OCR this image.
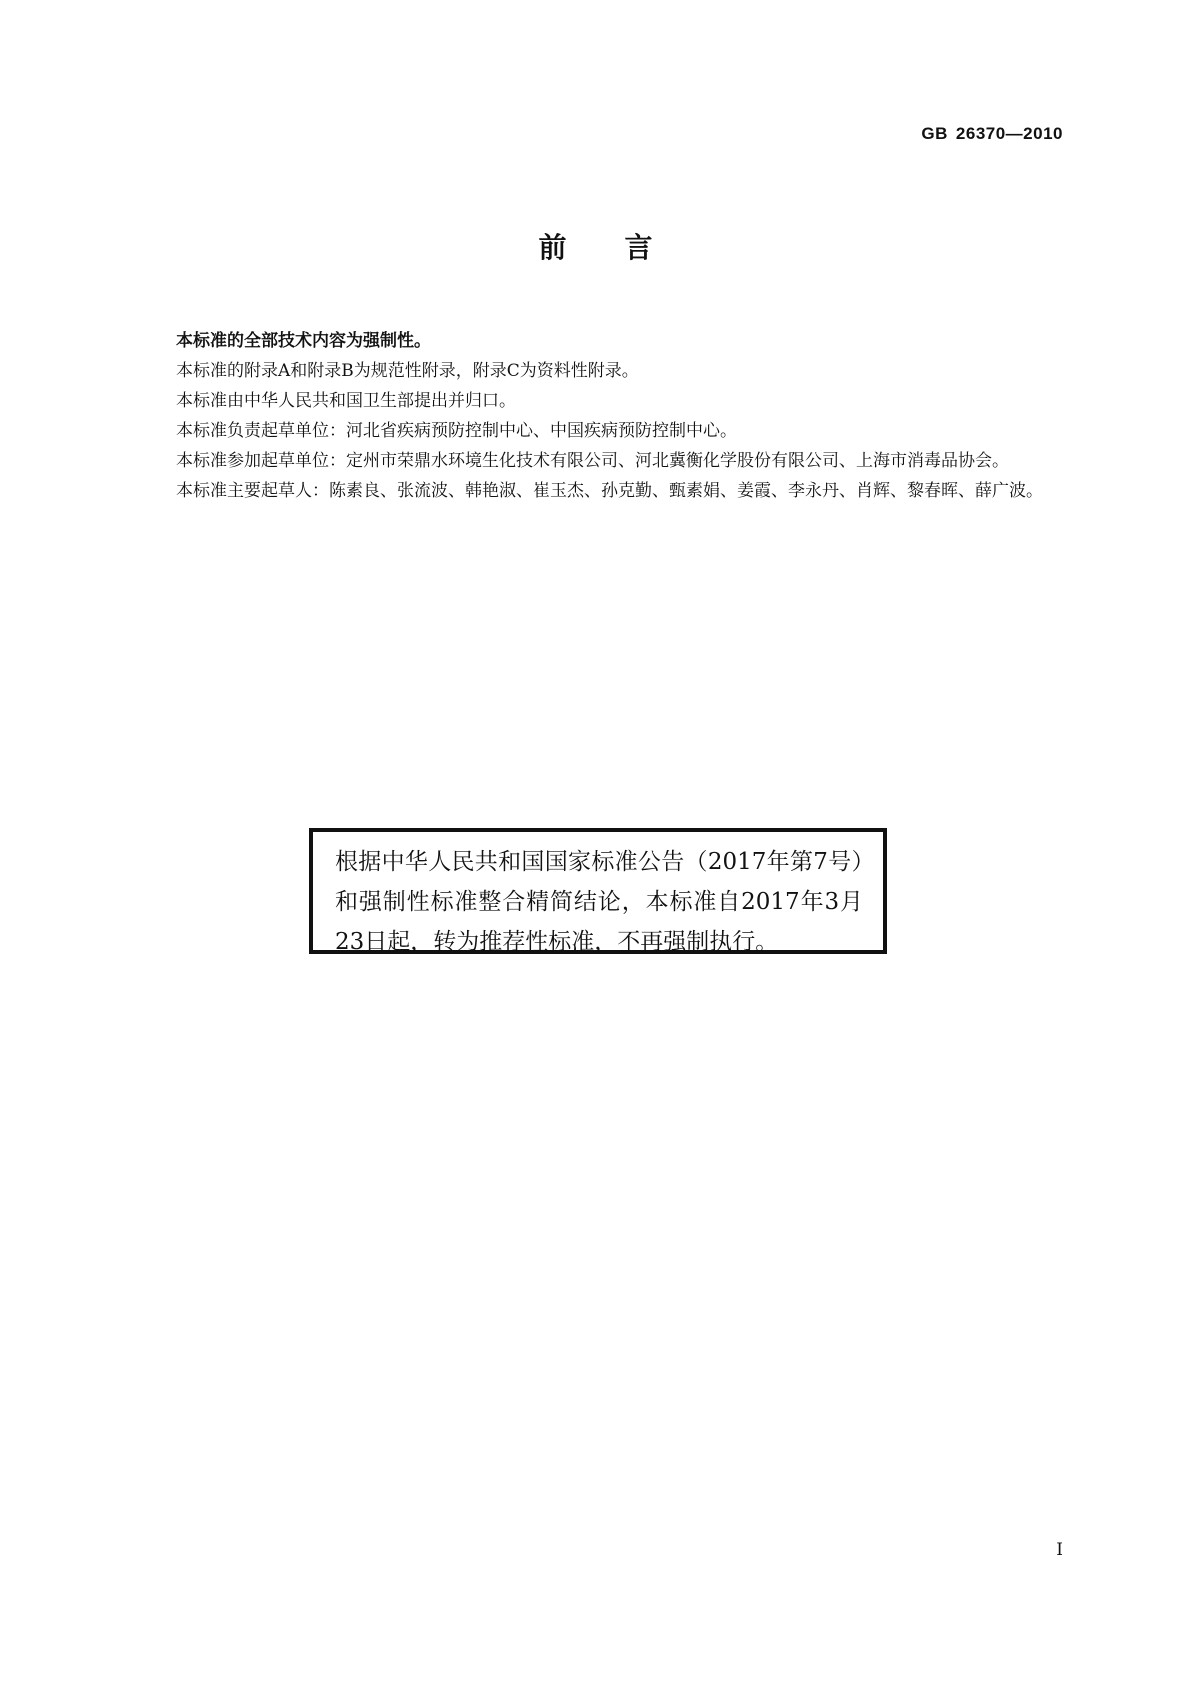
GB 26370—2010
前言

本标准的全部技术内容为强制性。

本标准的附录A和附录B为规范性附录，附录C为资料性附录。

本标准由中华人民共和国卫生部提出并归口。

本标准负责起草单位：河北省疾病预防控制中心、中国疾病预防控制中心。

本标准参加起草单位：定州市荣鼎水环境生化技术有限公司、河北冀衡化学股份有限公司、上海市消毒品协会。

本标准主要起草人：陈素良、张流波、韩艳淑、崔玉杰、孙克勤、甄素娟、姜霞、李永丹、肖辉、黎春晖、薛广波。

根据中华人民共和国国家标准公告（2017年第7号）和强制性标准整合精简结论，本标准自2017年3月23日起，转为推荐性标准，不再强制执行。
I
